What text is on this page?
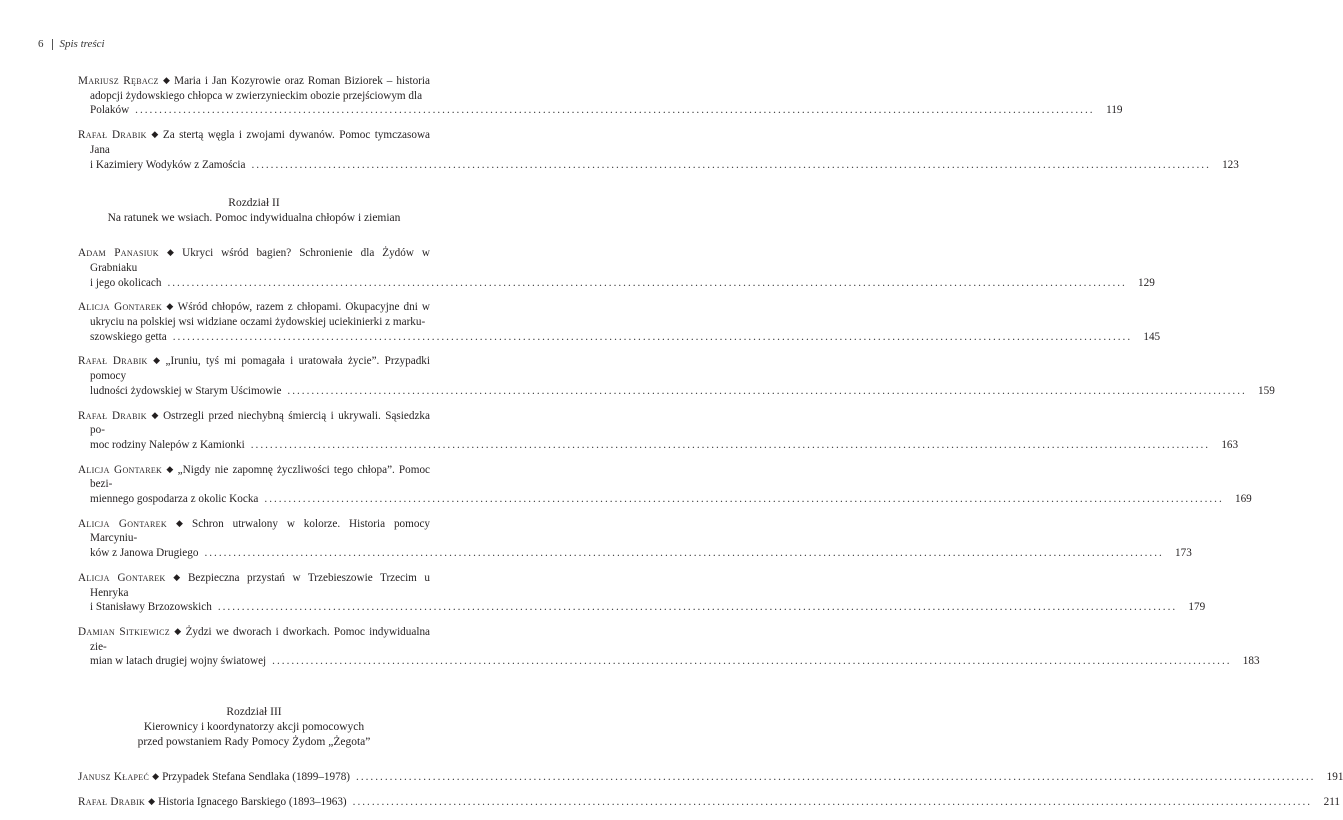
6 Spis treści
Mariusz Rębacz ◆ Maria i Jan Kozyrowie oraz Roman Biziorek – historia adopcji żydowskiego chłopca w zwierzynieckim obozie przejściowym dla
Polaków ........................................................................................................................................................................................................	119
Rafał Drabik ◆ Za stertą węgla i zwojami dywanów. Pomoc tymczasowa Jana
i Kazimiery Wodyków z Zamościa ........................................................................................................................................................................................................	123
Rozdział II
Na ratunek we wsiach. Pomoc indywidualna chłopów i ziemian
Adam Panasiuk ◆ Ukryci wśród bagien? Schronienie dla Żydów w Grabniaku
i jego okolicach ........................................................................................................................................................................................................	129
Alicja Gontarek ◆ Wśród chłopów, razem z chłopami. Okupacyjne dni w ukryciu na polskiej wsi widziane oczami żydowskiej uciekinierki z marku-
szowskiego getta ........................................................................................................................................................................................................	145
Rafał Drabik ◆ „Iruniu, tyś mi pomagała i uratowała życie”. Przypadki pomocy
ludności żydowskiej w Starym Uścimowie ........................................................................................................................................................................................................	159
Rafał Drabik ◆ Ostrzegli przed niechybną śmiercią i ukrywali. Sąsiedzka po-
moc rodziny Nalepów z Kamionki ........................................................................................................................................................................................................	163
Alicja Gontarek ◆ „Nigdy nie zapomnę życzliwości tego chłopa”. Pomoc bezi-
miennego gospodarza z okolic Kocka ........................................................................................................................................................................................................	169
Alicja Gontarek ◆ Schron utrwalony w kolorze. Historia pomocy Marcyniu-
ków z Janowa Drugiego ........................................................................................................................................................................................................	173
Alicja Gontarek ◆ Bezpieczna przystań w Trzebieszowie Trzecim u Henryka
i Stanisławy Brzozowskich ........................................................................................................................................................................................................	179
Damian Sitkiewicz ◆ Żydzi we dworach i dworkach. Pomoc indywidualna zie-
mian w latach drugiej wojny światowej ........................................................................................................................................................................................................	183
Rozdział III
Kierownicy i koordynatorzy akcji pomocowych
przed powstaniem Rady Pomocy Żydom „Żegota”
Janusz Kłapeć ◆ Przypadek Stefana Sendlaka (1899–1978) ........................................................................................................................................................................................................	191
Rafał Drabik ◆ Historia Ignacego Barskiego (1893–1963) ........................................................................................................................................................................................................	211
